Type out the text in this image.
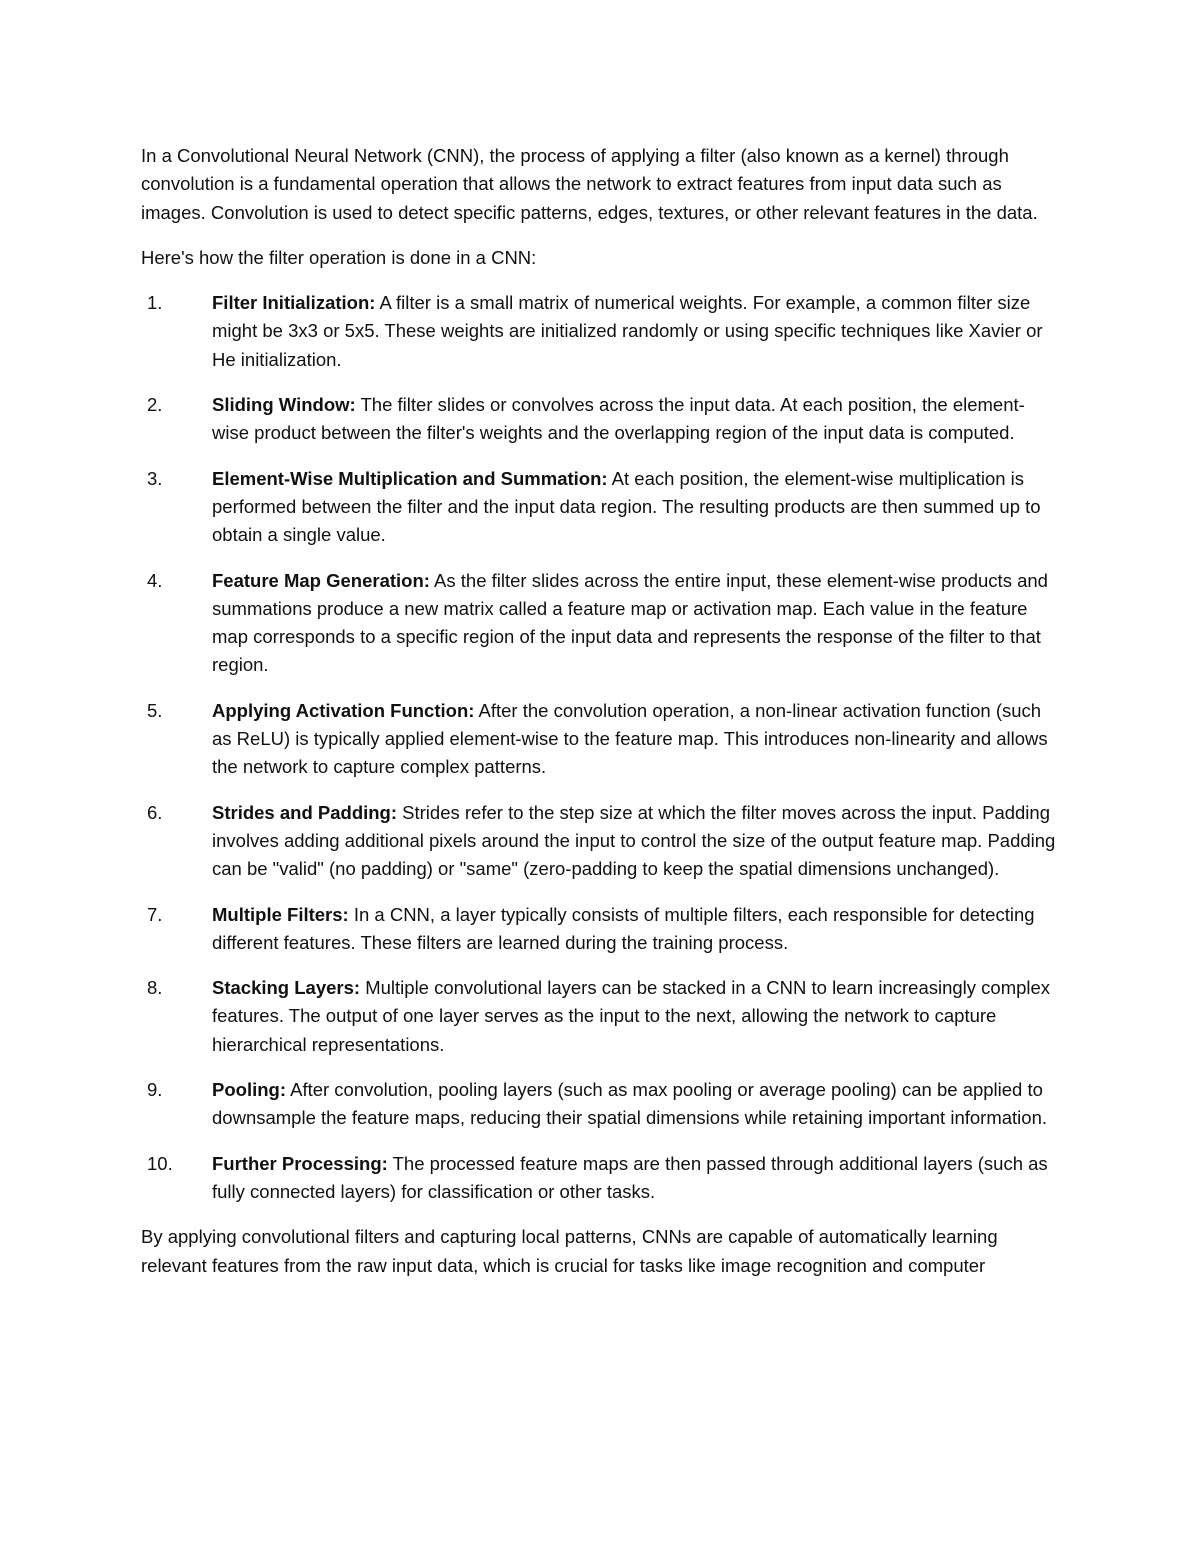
In a Convolutional Neural Network (CNN), the process of applying a filter (also known as a kernel) through convolution is a fundamental operation that allows the network to extract features from input data such as images. Convolution is used to detect specific patterns, edges, textures, or other relevant features in the data.

Here's how the filter operation is done in a CNN:

1.	Filter Initialization: A filter is a small matrix of numerical weights. For example, a common filter size might be 3x3 or 5x5. These weights are initialized randomly or using specific techniques like Xavier or He initialization.
2.	Sliding Window: The filter slides or convolves across the input data. At each position, the element-wise product between the filter's weights and the overlapping region of the input data is computed.
3.	Element-Wise Multiplication and Summation: At each position, the element-wise multiplication is performed between the filter and the input data region. The resulting products are then summed up to obtain a single value.
4.	Feature Map Generation: As the filter slides across the entire input, these element-wise products and summations produce a new matrix called a feature map or activation map. Each value in the feature map corresponds to a specific region of the input data and represents the response of the filter to that region.
5.	Applying Activation Function: After the convolution operation, a non-linear activation function (such as ReLU) is typically applied element-wise to the feature map. This introduces non-linearity and allows the network to capture complex patterns.
6.	Strides and Padding: Strides refer to the step size at which the filter moves across the input. Padding involves adding additional pixels around the input to control the size of the output feature map. Padding can be "valid" (no padding) or "same" (zero-padding to keep the spatial dimensions unchanged).
7.	Multiple Filters: In a CNN, a layer typically consists of multiple filters, each responsible for detecting different features. These filters are learned during the training process.
8.	Stacking Layers: Multiple convolutional layers can be stacked in a CNN to learn increasingly complex features. The output of one layer serves as the input to the next, allowing the network to capture hierarchical representations.
9.	Pooling: After convolution, pooling layers (such as max pooling or average pooling) can be applied to downsample the feature maps, reducing their spatial dimensions while retaining important information.
10.	Further Processing: The processed feature maps are then passed through additional layers (such as fully connected layers) for classification or other tasks.

By applying convolutional filters and capturing local patterns, CNNs are capable of automatically learning relevant features from the raw input data, which is crucial for tasks like image recognition and computer
